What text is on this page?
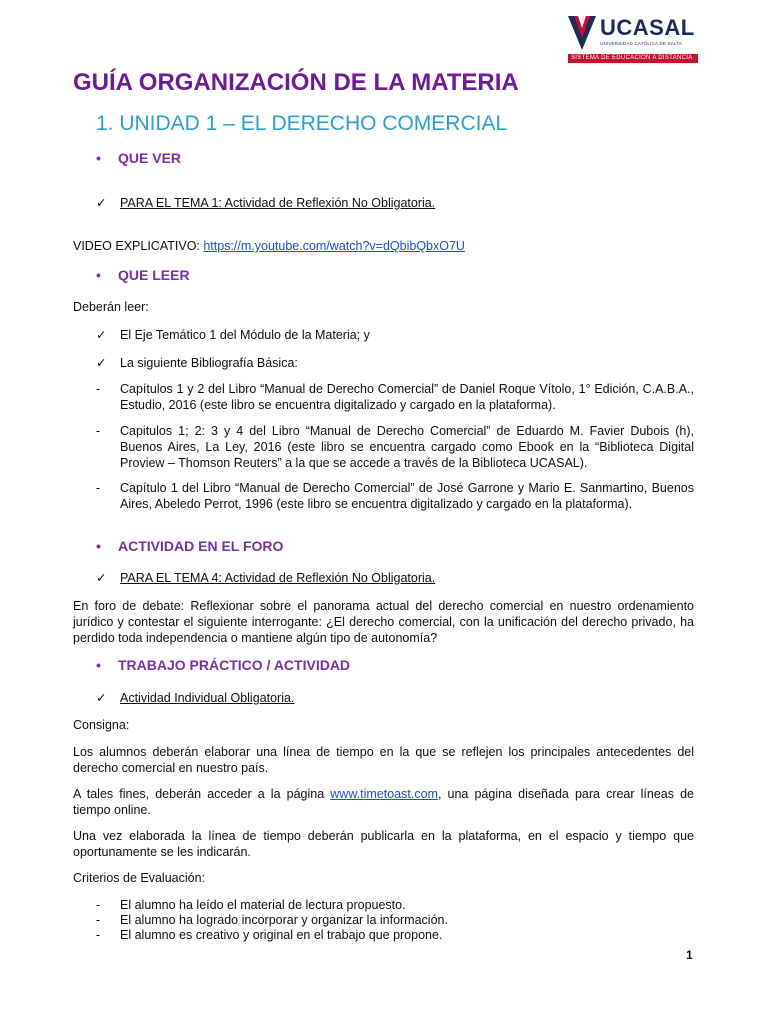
UCASAL
UNIVERSIDAD CATÓLICA DE SALTA
SISTEMA DE EDUCACIÓN A DISTANCIA
GUÍA ORGANIZACIÓN DE LA MATERIA
1. UNIDAD 1 – EL DERECHO COMERCIAL
• QUE VER
✓ PARA EL TEMA 1: Actividad de Reflexión No Obligatoria.
VIDEO EXPLICATIVO: https://m.youtube.com/watch?v=dQbibQbxO7U
• QUE LEER
Deberán leer:
✓ El Eje Temático 1 del Módulo de la Materia; y
✓ La siguiente Bibliografía Básica:
- Capítulos 1 y 2 del Libro “Manual de Derecho Comercial” de Daniel Roque Vítolo, 1° Edición, C.A.B.A., Estudio, 2016 (este libro se encuentra digitalizado y cargado en la plataforma).
- Capitulos 1; 2: 3 y 4 del Libro “Manual de Derecho Comercial” de Eduardo M. Favier Dubois (h), Buenos Aires, La Ley, 2016 (este libro se encuentra cargado como Ebook en la “Biblioteca Digital Proview – Thomson Reuters” a la que se accede a través de la Biblioteca UCASAL).
- Capítulo 1 del Libro “Manual de Derecho Comercial” de José Garrone y Mario E. Sanmartino, Buenos Aires, Abeledo Perrot, 1996 (este libro se encuentra digitalizado y cargado en la plataforma).
• ACTIVIDAD EN EL FORO
✓ PARA EL TEMA 4: Actividad de Reflexión No Obligatoria.
En foro de debate: Reflexionar sobre el panorama actual del derecho comercial en nuestro ordenamiento jurídico y contestar el siguiente interrogante: ¿El derecho comercial, con la unificación del derecho privado, ha perdido toda independencia o mantiene algún tipo de autonomía?
• TRABAJO PRÁCTICO / ACTIVIDAD
✓ Actividad Individual Obligatoria.
Consigna:
Los alumnos deberán elaborar una línea de tiempo en la que se reflejen los principales antecedentes del derecho comercial en nuestro país.
A tales fines, deberán acceder a la página www.timetoast.com, una página diseñada para crear líneas de tiempo online.
Una vez elaborada la línea de tiempo deberán publicarla en la plataforma, en el espacio y tiempo que oportunamente se les indicarán.
Criterios de Evaluación:
- El alumno ha leído el material de lectura propuesto.
- El alumno ha logrado incorporar y organizar la información.
- El alumno es creativo y original en el trabajo que propone.
1
